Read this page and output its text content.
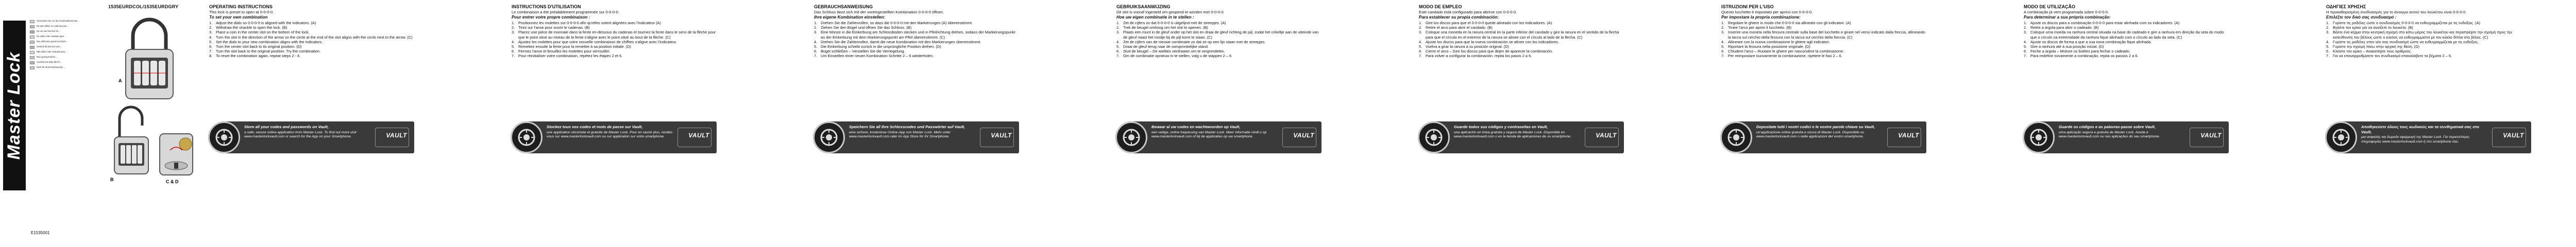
Master Lock
Verwenden Sie nur den Kombinationscode ...
Ne pas utiliser ce cadenas pour ...
Do not use this lock for ...
No utilice este candado para ...
Non utilizzare questo lucchetto ...
Gebruik dit slot niet voor ...
Não utilize este cadeado para ...
Μην χρησιμοποιείτε ...
Använd inte detta lås för ...
Nicht für Sicherheitszwecke ...
1535EURDCOL/1535EURDGRY
A
B	C & D
E1535001
OPERATING INSTRUCTIONS
This lock is preset to open at 0-0-0-0.
To set your own combination
1. Adjust the dials so 0-0-0-0 is aligned with the indicators. (A)
2. Withdraw the shackle to open the lock. (B)
3. Place a coin in the center slot on the bottom of the lock.
4. Turn the slot in the direction of the arrow so the circle at the end of the slot aligns with the circle next to the arrow. (C)
5. Set the dials to your new combination aligns with the indicators.
6. Turn the center slot back to its original position. (D)
7. Turn the slot back to the original position. Try the combination.
8. To reset the combination again, repeat steps 2 - 6.
Store all your codes and passwords on Vault,
a safe, secure online application from Master Lock. To find out more visit www.masterlockvault.com or search for the App on your Smartphone.	VAULT
INSTRUCTIONS D'UTILISATION
Le combinaison a été préalablement programmée sur 0-0-0-0.
Pour entrer votre propre combinaison :
1. Positionnez les molettes sur 0-0-0-0 afin qu'elles soient alignées avec l'indicateur (A)
2. Tirez sur l'anse pour ouvrir le cadenas. (B)
3. Placez une pièce de monnaie dans la fente en-dessous du cadenas et tournez la fente dans le sens de la flèche pour que le point situé au niveau de la fente s'aligne avec le point situé au bout de la flèche. (C)
4. Ajustez les molettes pour que votre nouvelle combinaison de chiffres s'aligne avec l'indicateur.
5. Remettez ensuite la fente pour la remettre à sa position initiale. (D)
6. Fermez l'anse et brouillez les molettes pour verrouiller.
7. Pour réinitialiser votre combinaison, répétez les étapes 2 et 6.
Stockez tous vos codes et mots de passe sur Vault,
une application sécurisée et gratuite de Master Lock. Pour en savoir plus, rendez-vous sur www.masterlockvault.com ou sur application sur votre smartphone.	VAULT
GEBRAUCHSANWEISUNG
Das Schloss lässt sich mit der voreingestellten Kombination 0-0-0-0 öffnen.
Ihre eigene Kombination einstellen:
1. Drehen Sie die Zahlenrollen, so dass die 0-0-0-0 mit den Markierungen (A) übereinstimmt.
2. Ziehen Sie den Bügel und öffnen Sie das Schloss. (B)
3. Eine Münze in die Einkerbung am Schlossboden stecken und in Pfeilrichtung drehen, sodass der Markierungspunkt an der Einkerbung mit dem Markierungspunkt am Pfeil übereinstimmt. (C)
4. Drehen Sie die Zahlenrollen, damit die neue Kombination mit den Markierungen übereinstimmt.
5. Die Einkerbung schiebt zurück in die ursprüngliche Position drehen. (D)
6. Bügel schließen – Verstellen Sie die Verriegelung.
7. Um Einstellen einer neuen Kombination Schritte 2 – 6 wiederholen.
Speichern Sie all Ihre Schlosscodes und Passwörter auf Vault,
eine sichere, kostenlose Online-App von Master Lock. Mehr unter www.masterlockvault.com oder im App Store für Ihr Smartphone.	VAULT
GEBRUIKSAANWIJZING
Dit slot is vooraf ingesteld om geopend te worden met 0-0-0-0.
Hoe uw eigen combinatie in te stellen :
1. Zet de cijfers zo dat 0-0-0-0 is uitgelijnd met de streepjes. (A)
2. Trek de beugel omhoog om het slot te openen. (B)
3. Plaats een munt in de gleuf onder op het slot en draai de gleuf richting de pijl, zodat het cirkeltje aan de uiteinde van de gleuf naast het rondje bij de pijl komt te staan. (C)
4. Zet de cijfers van de nieuwe combinatie zo dat ze op een lijn staan met de streepjes.
5. Draai de gleuf terug naar de oorspronkelijke stand.
6. Sluit de beugel – De wielties verdraaien om te vergrendelen.
7. Om de combinatie opnieuw in te stellen, volg u de stappen 2 – 6.
Bewaar al uw codes en wachtwoorden op Vault,
een veilige, online toepassing van Master Lock. Meer informatie vindt u op www.masterlockvault.com of bij de applicaties op uw smartphone.	VAULT
MODO DE EMPLEO
Este candado está configurado para abrirse con 0-0-0-0.
Para establecer su propia combinación:
1. Gire los discos para que el 0-0-0-0 quede alineado con los indicadores. (A)
2. Retire el arco para abrir el candado. (B)
3. Coloque una moneda en la ranura central en la parte inferior del candado y gire la ranura en el sentido de la flecha para que el círculo en el extremo de la ranura se alinee con el círculo al lado de la flecha. (C)
4. Ajuste los discos para que la nueva combinación se alinee con los indicadores.
5. Vuelva a girar la ranura a su posición original. (D)
6. Cierre el arco – Gire los discos para que dejen de aparecer la combinación.
7. Para volver a configurar la combinación, repita los pasos 2 a 6.
Guarde todos sus códigos y contraseñas en Vault,
una aplicación en línea gratuita y segura de Master Lock. Disponible en www.masterlockvault.com o en la tienda de aplicaciones de su smartphone.	VAULT
ISTRUZIONI PER L'USO
Questo lucchetto è impostato per aprirsi con 0-0-0-0.
Per impostare la propria combinazione:
1. Regolare le ghiere in modo che 0-0-0-0 sia allineato con gli indicatori. (A)
2. Tirare l'arco per aprire il lucchetto. (B)
3. Inserire una moneta nella fessura centrale sulla base del lucchetto e girare nel verso indicato dalla freccia, allineando la tacca sul cerchio della fessura con la tacca sul cerchio della freccia. (C)
4. Allineare con la nuova combinazione le ghiere agli indicatori.
5. Riportare la fessura nella posizione originale. (D)
6. Chiudere l'arco – Ruotare le ghiere per nascondere la combinazione.
7. Per reimpostare nuovamente la combinazione, ripetere le fasi 2 – 6.
Depositate tutti i vostri codici e le vostre parole chiave su Vault,
un'applicazione online gratuita e sicura di Master Lock. Disponibile su www.masterlockvault.com o nelle applicazioni del vostro smartphone.	VAULT
MODO DE UTILIZAÇÃO
A combinação já vem programada sobre 0-0-0-0.
Para determinar a sua própria combinação:
1. Ajuste os discos para a combinação 0-0-0-0 para estar alinhada com os indicadores. (A)
2. Retire a argola para abrir o cadeado. (B)
3. Coloque uma moeda na ranhura central situada na base do cadeado e gire a ranhura em direção da seta do modo que o círculo na extremidade da ranhura fique alinhado com o círculo ao lado da seta. (C)
4. Ajuste os discos de forma a que a sua nova combinação fique alinhada.
5. Gire a ranhura até à sua posição inicial. (D)
6. Feche a argola – Misture os botões para fechar o cadeado.
7. Para redefinir novamente a combinação, repita os passos 2 a 6.
Guarde os códigos e as palavras-passe sobre Vault,
uma aplicação segura e gratuita de Master Lock. Aceda a www.masterlockvault.com ou nas aplicações do seu smartphone.	VAULT
ΟΔΗΓΙΕΣ ΧΡΗΣΗΣ
Η προκαθορισμένη συνδυασμός για το άνοιγμα αυτού του λουκέτου είναι 0-0-0-0.
Επιλέξτε τον δικό σας συνδυασμό :
1. Γυρίστε τις ροδέλες ώστε ο συνδυασμός 0-0-0-0 να ευθυγραμμίζεται με τις ενδείξεις. (A)
2. Βγάλτε τον κρίκο για να ανοίξετε το λουκέτο. (B)
3. Βάλτε ένα κέρμα στην κεντρική σχισμή στο κάτω μέρος του λουκέτου και περιστρέψτε την σχισμή προς την κατεύθυνση του βέλους ώστε ο κύκλος να ευθυγραμμιστεί με τον κύκλο δίπλα στο βέλος. (C)
4. Γυρίστε τις ροδέλες στον νέο σας συνδυασμό ώστε να ευθυγραμμίζεται με τις ενδείξεις.
5. Γυρίστε την σχισμή πίσω στην αρχική της θέση. (D)
6. Κλείστε τον κρίκο – Ανακατέψτε τους αριθμούς.
7. Για να επαναρρυθμίσετε τον συνδυασμό επαναλάβετε τα βήματα 2 – 6.
Αποθηκεύστε όλους τους κωδικούς και τα συνθηματικά σας στο Vault,
μια ασφαλής και δωρεάν εφαρμογή της Master Lock. Για περισσότερες πληροφορίες www.masterlockvault.com ή στο smartphone σας.
VAULT
